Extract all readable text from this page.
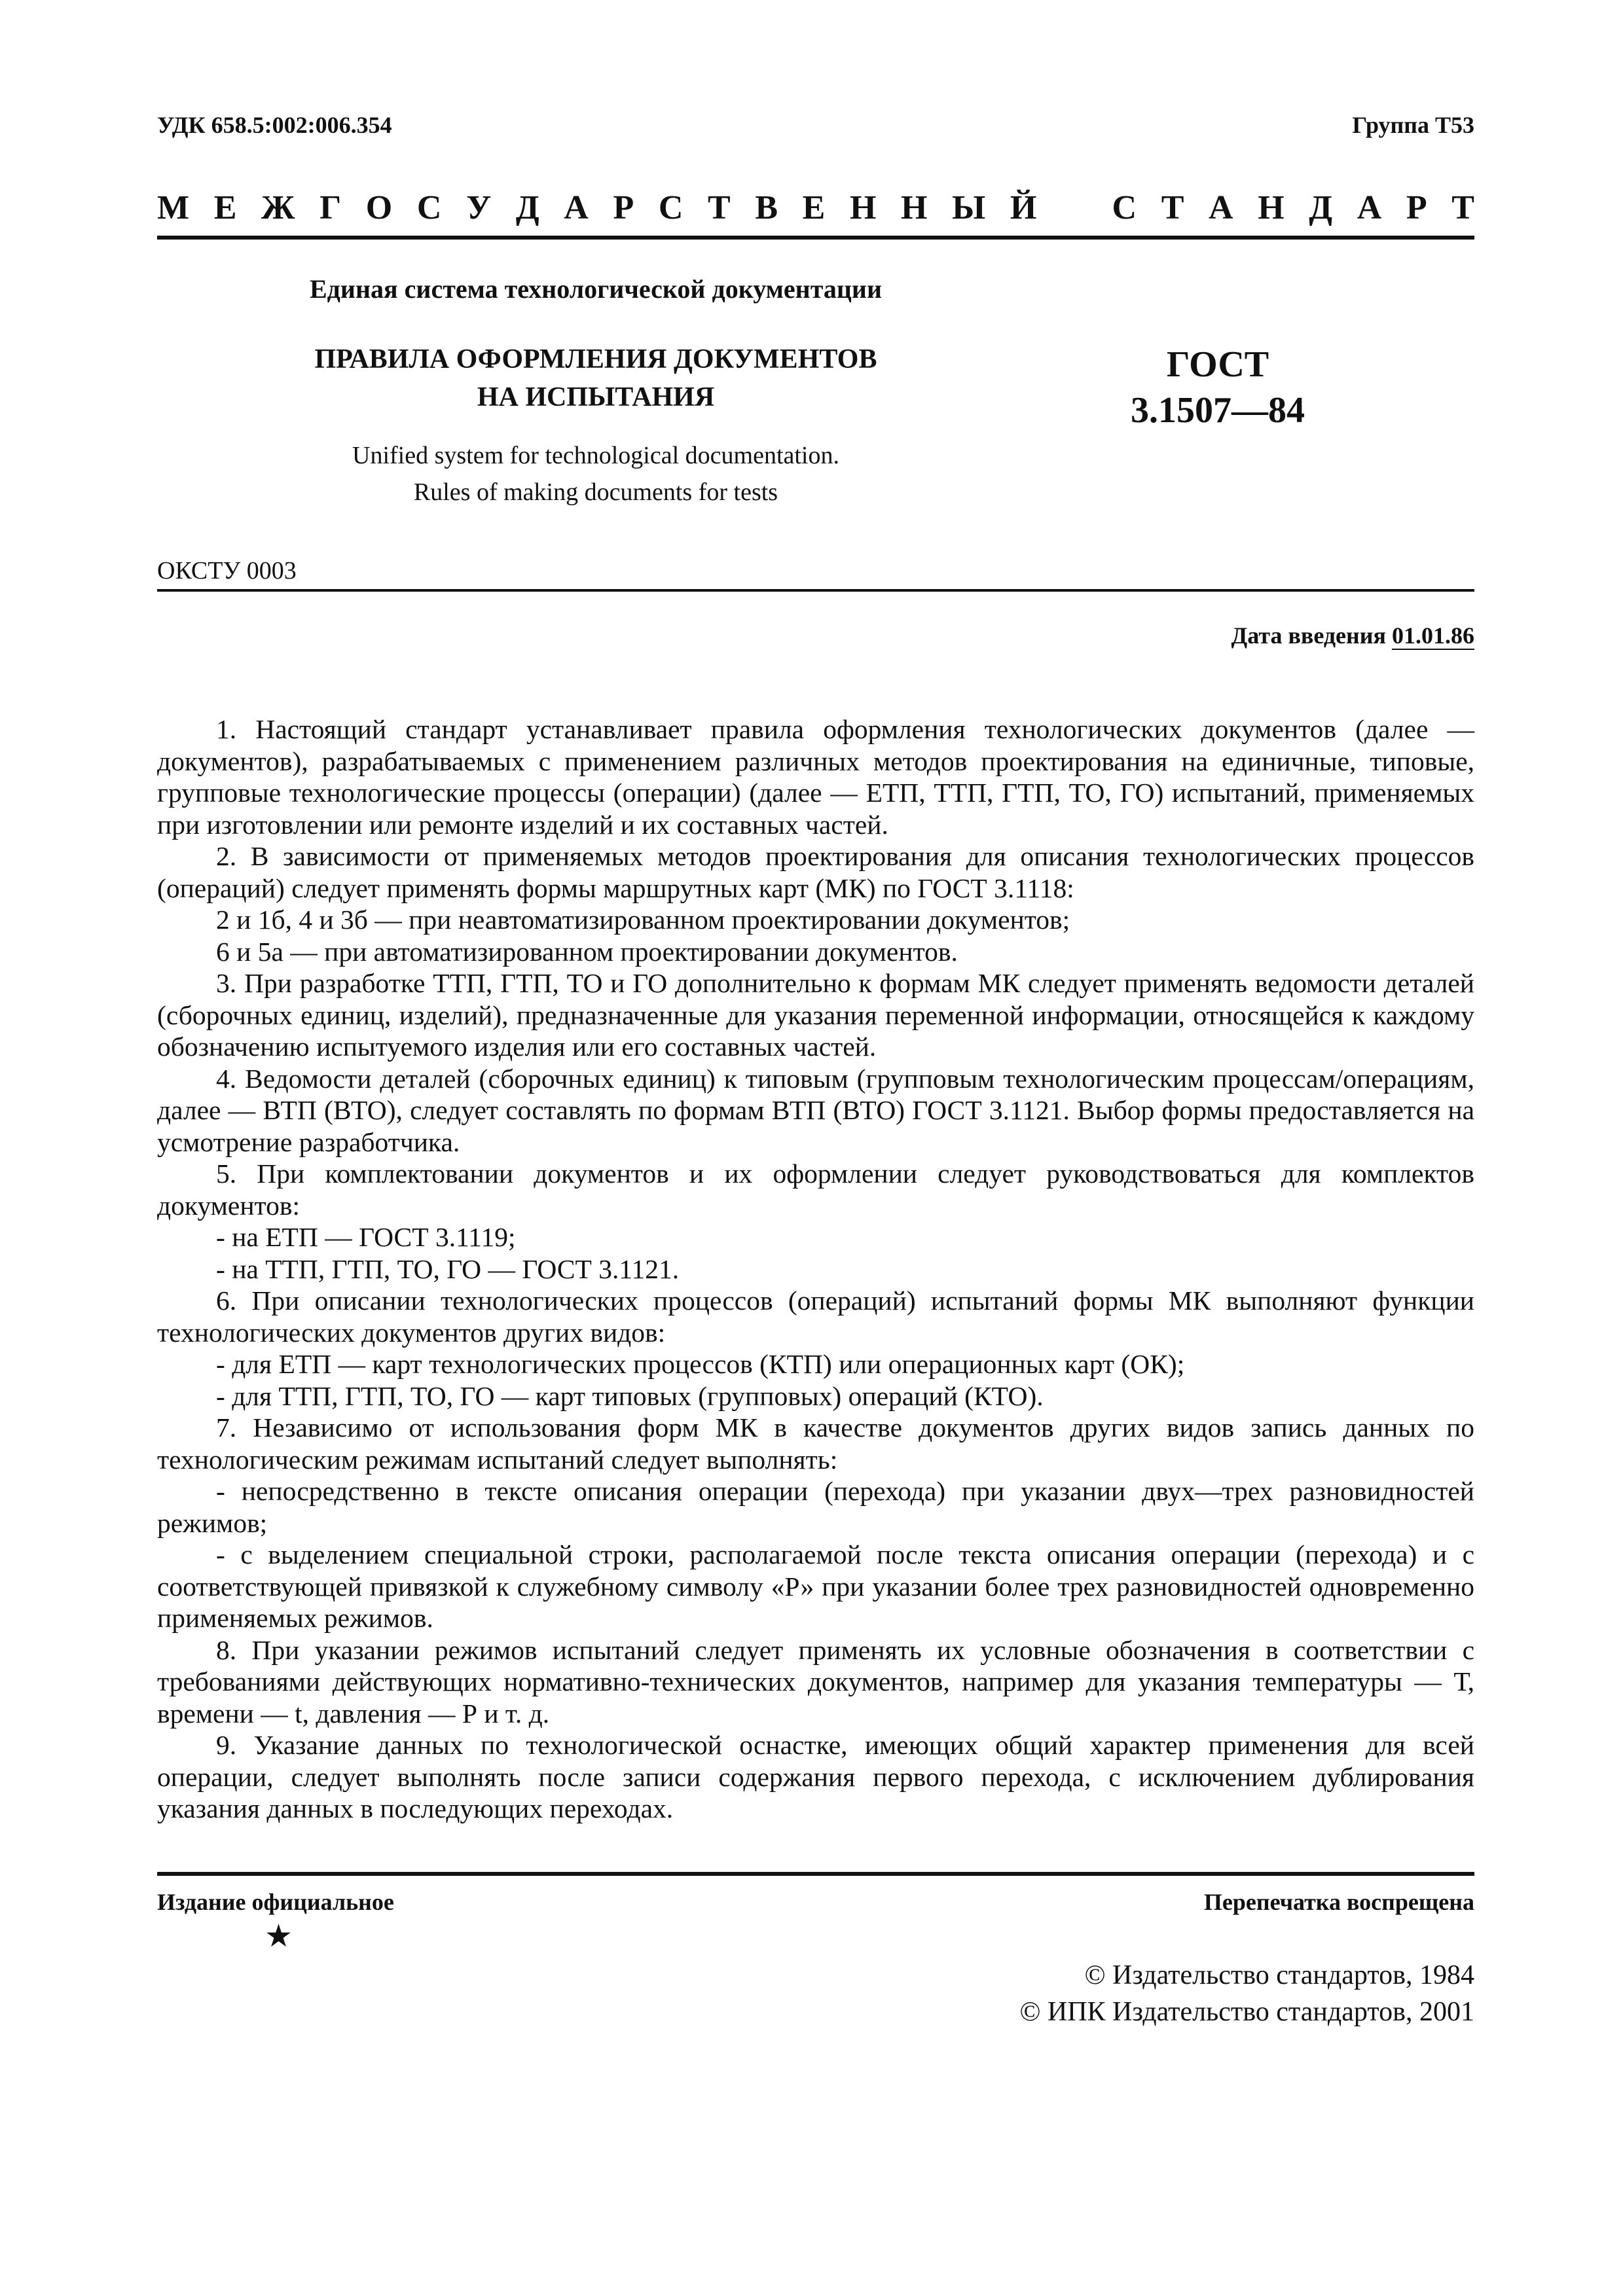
УДК 658.5:002:006.354	Группа Т53
М Е Ж Г О С У Д А Р С Т В Е Н Н Ы Й С Т А Н Д А Р Т
Единая система технологической документации
ПРАВИЛА ОФОРМЛЕНИЯ ДОКУМЕНТОВ
НА ИСПЫТАНИЯ
Unified system for technological documentation.
Rules of making documents for tests
ГОСТ
3.1507—84
ОКСТУ 0003
Дата введения 01.01.86

1. Настоящий стандарт устанавливает правила оформления технологических документов (далее — документов), разрабатываемых с применением различных методов проектирования на единичные, типовые, групповые технологические процессы (операции) (далее — ЕТП, ТТП, ГТП, ТО, ГО) испытаний, применяемых при изготовлении или ремонте изделий и их составных частей.

2. В зависимости от применяемых методов проектирования для описания технологических процессов (операций) следует применять формы маршрутных карт (МК) по ГОСТ 3.1118:

2 и 1б, 4 и 3б — при неавтоматизированном проектировании документов;

6 и 5а — при автоматизированном проектировании документов.

3. При разработке ТТП, ГТП, ТО и ГО дополнительно к формам МК следует применять ведомости деталей (сборочных единиц, изделий), предназначенные для указания переменной информации, относящейся к каждому обозначению испытуемого изделия или его составных частей.

4. Ведомости деталей (сборочных единиц) к типовым (групповым технологическим процессам/операциям, далее — ВТП (ВТО), следует составлять по формам ВТП (ВТО) ГОСТ 3.1121. Выбор формы предоставляется на усмотрение разработчика.

5. При комплектовании документов и их оформлении следует руководствоваться для комплектов документов:

- на ЕТП — ГОСТ 3.1119;

- на ТТП, ГТП, ТО, ГО — ГОСТ 3.1121.

6. При описании технологических процессов (операций) испытаний формы МК выполняют функции технологических документов других видов:

- для ЕТП — карт технологических процессов (КТП) или операционных карт (ОК);

- для ТТП, ГТП, ТО, ГО — карт типовых (групповых) операций (КТО).

7. Независимо от использования форм МК в качестве документов других видов запись данных по технологическим режимам испытаний следует выполнять:

- непосредственно в тексте описания операции (перехода) при указании двух—трех разновидностей режимов;

- с выделением специальной строки, располагаемой после текста описания операции (перехода) и с соответствующей привязкой к служебному символу «Р» при указании более трех разновидностей одновременно применяемых режимов.

8. При указании режимов испытаний следует применять их условные обозначения в соответствии с требованиями действующих нормативно-технических документов, например для указания температуры — Т, времени — t, давления — Р и т. д.

9. Указание данных по технологической оснастке, имеющих общий характер применения для всей операции, следует выполнять после записи содержания первого перехода, с исключением дублирования указания данных в последующих переходах.

Издание официальное	Перепечатка воспрещена
★
© Издательство стандартов, 1984
© ИПК Издательство стандартов, 2001
